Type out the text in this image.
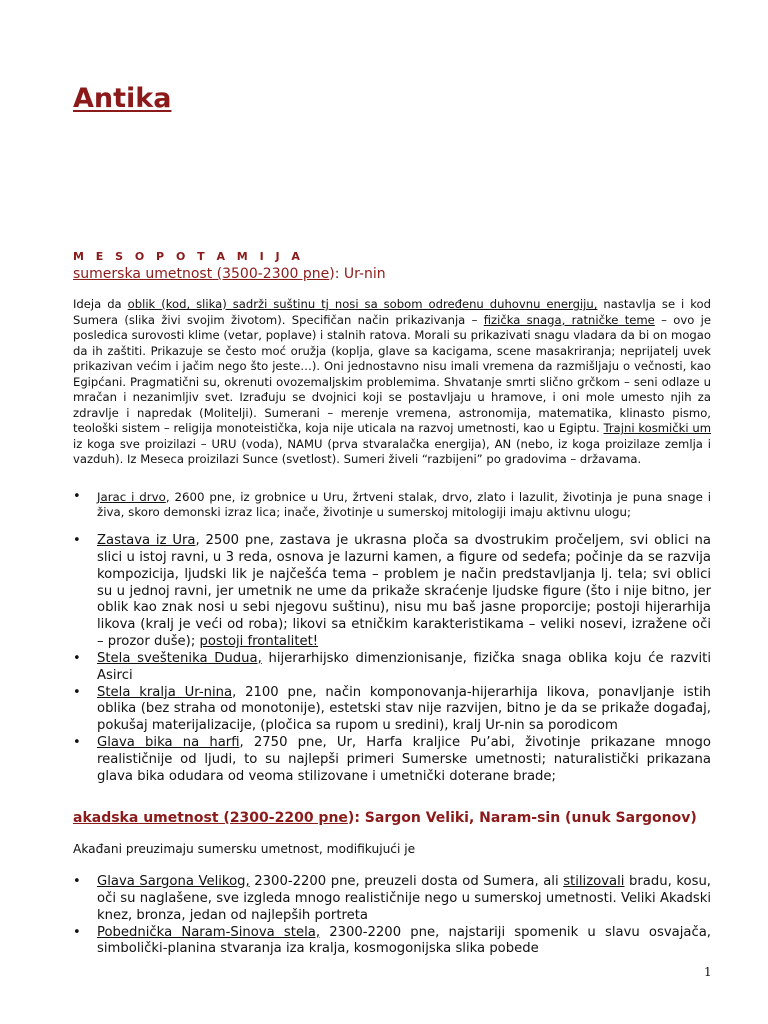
Antika
M E S O P O T A M I J A
sumerska umetnost (3500-2300 pne): Ur-nin

Ideja da oblik (kod, slika) sadrži suštinu tj nosi sa sobom određenu duhovnu energiju, nastavlja se i kod Sumera (slika živi svojim životom). Specifičan način prikazivanja – fizička snaga, ratničke teme – ovo je posledica surovosti klime (vetar, poplave) i stalnih ratova. Morali su prikazivati snagu vladara da bi on mogao da ih zaštiti. Prikazuje se često moć oružja (koplja, glave sa kacigama, scene masakriranja; neprijatelj uvek prikazivan većim i jačim nego što jeste…). Oni jednostavno nisu imali vremena da razmišljaju o večnosti, kao Egipćani. Pragmatični su, okrenuti ovozemaljskim problemima. Shvatanje smrti slično grčkom – seni odlaze u mračan i nezanimljiv svet. Izrađuju se dvojnici koji se postavljaju u hramove, i oni mole umesto njih za zdravlje i napredak (Molitelji). Sumerani – merenje vremena, astronomija, matematika, klinasto pismo, teološki sistem – religija monoteistička, koja nije uticala na razvoj umetnosti, kao u Egiptu. Trajni kosmički um iz koga sve proizilazi – URU (voda), NAMU (prva stvaralačka energija), AN (nebo, iz koga proizilaze zemlja i vazduh). Iz Meseca proizilazi Sunce (svetlost). Sumeri živeli “razbijeni” po gradovima – državama.

• Jarac i drvo, 2600 pne, iz grobnice u Uru, žrtveni stalak, drvo, zlato i lazulit, životinja je puna snage i živa, skoro demonski izraz lica; inače, životinje u sumerskoj mitologiji imaju aktivnu ulogu;
• Zastava iz Ura, 2500 pne, zastava je ukrasna ploča sa dvostrukim pročeljem, svi oblici na slici u istoj ravni, u 3 reda, osnova je lazurni kamen, a figure od sedefa; počinje da se razvija kompozicija, ljudski lik je najčešća tema – problem je način predstavljanja lj. tela; svi oblici su u jednoj ravni, jer umetnik ne ume da prikaže skraćenje ljudske figure (što i nije bitno, jer oblik kao znak nosi u sebi njegovu suštinu), nisu mu baš jasne proporcije; postoji hijerarhija likova (kralj je veći od roba); likovi sa etničkim karakteristikama – veliki nosevi, izražene oči – prozor duše); postoji frontalitet!
• Stela sveštenika Dudua, hijerarhijsko dimenzionisanje, fizička snaga oblika koju će razviti Asirci
• Stela kralja Ur-nina, 2100 pne, način komponovanja-hijerarhija likova, ponavljanje istih oblika (bez straha od monotonije), estetski stav nije razvijen, bitno je da se prikaže događaj, pokušaj materijalizacije, (pločica sa rupom u sredini), kralj Ur-nin sa porodicom
• Glava bika na harfi, 2750 pne, Ur, Harfa kraljice Pu’abi, životinje prikazane mnogo realističnije od ljudi, to su najlepši primeri Sumerske umetnosti; naturalistički prikazana glava bika odudara od veoma stilizovane i umetnički doterane brade;
akadska umetnost (2300-2200 pne): Sargon Veliki, Naram-sin (unuk Sargonov)

Akađani preuzimaju sumersku umetnost, modifikujući je

• Glava Sargona Velikog, 2300-2200 pne, preuzeli dosta od Sumera, ali stilizovali bradu, kosu, oči su naglašene, sve izgleda mnogo realističnije nego u sumerskoj umetnosti. Veliki Akadski knez, bronza, jedan od najlepših portreta
• Pobednička Naram-Sinova stela, 2300-2200 pne, najstariji spomenik u slavu osvajača, simbolički-planina stvaranja iza kralja, kosmogonijska slika pobede
1
